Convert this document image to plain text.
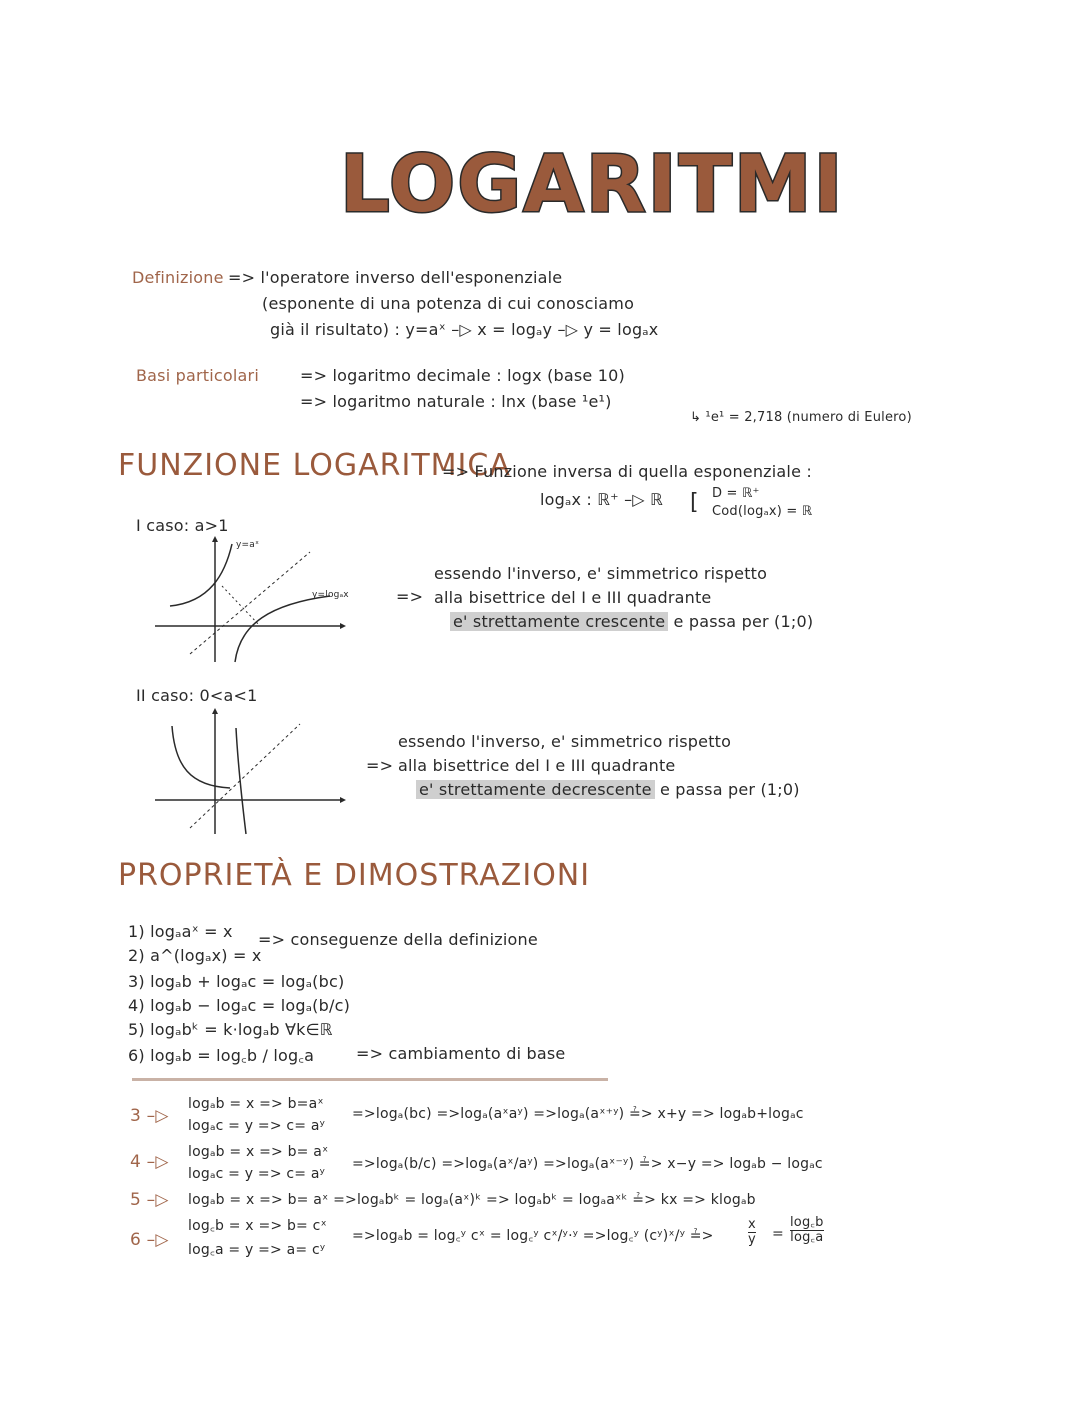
LOGARITMI
Definizione => l'operatore inverso dell'esponenziale
(esponente di una potenza di cui conosciamo
già il risultato) : y=aˣ –▷ x = logₐy –▷ y = logₐx
Basi particolari	=> logaritmo decimale : logx (base 10)
=> logaritmo naturale : lnx (base ¹e¹)
↳ ¹e¹ = 2,718 (numero di Eulero)
FUNZIONE LOGARITMICA
=> Funzione inversa di quella esponenziale :
logₐx : ℝ⁺ –▷ ℝ [ D = ℝ⁺
Cod(logₐx) = ℝ
I caso: a>1
y=aˣ
y=logₐx	=>
essendo l'inverso, e' simmetrico rispetto
alla bisettrice del I e III quadrante
e' strettamente crescente e passa per (1;0)
II caso: 0<a<1
=>
essendo l'inverso, e' simmetrico rispetto
alla bisettrice del I e III quadrante
e' strettamente decrescente e passa per (1;0)
PROPRIETÀ E DIMOSTRAZIONI
1) logₐaˣ = x => conseguenze della definizione
2) a^(logₐx) = x
3) logₐb + logₐc = logₐ(bc)
4) logₐb − logₐc = logₐ(b/c)
5) logₐbᵏ = k·logₐb ∀k∈ℝ
6) logₐb = log꜀b / log꜀a	=> cambiamento di base
3 –▷
logₐb = x => b=aˣ
logₐc = y => c= aʸ
=>logₐ(bc) =>logₐ(aˣaʸ) =>logₐ(aˣ⁺ʸ) ≟> x+y => logₐb+logₐc
4 –▷ logₐb = x => b= aˣ
logₐc = y => c= aʸ
=>logₐ(b/c) =>logₐ(aˣ/aʸ) =>logₐ(aˣ⁻ʸ) ≟> x−y => logₐb − logₐc
5 –▷ logₐb = x => b= aˣ =>logₐbᵏ = logₐ(aˣ)ᵏ => logₐbᵏ = logₐaˣᵏ ≟> kx => klogₐb
6 –▷
log꜀b = x => b= cˣ
log꜀a = y => a= cʸ
=>logₐb = log꜀ʸ cˣ = log꜀ʸ cˣ/ʸ·ʸ =>log꜀ʸ (cʸ)ˣ/ʸ ≟>	$\frac{x}{y} = \frac{\log꜀b}{\log꜀a}$
